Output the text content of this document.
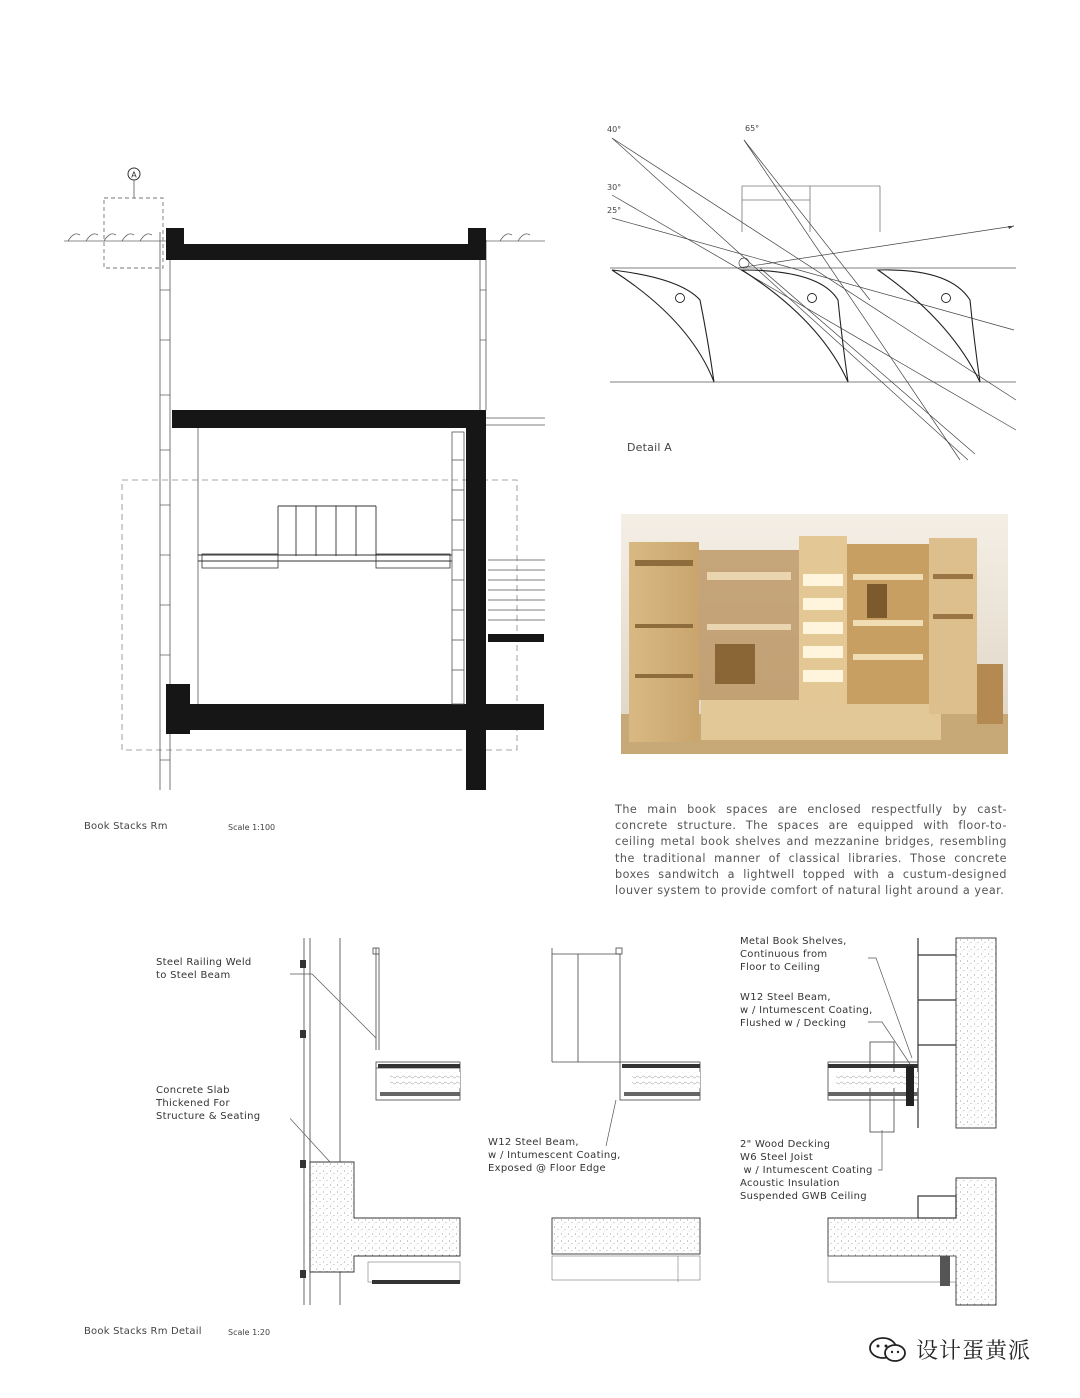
A
Book Stacks Rm	Scale 1:100
40°	65°
30°
25°
Detail A
The main book spaces are enclosed respectfully by cast-concrete structure. The spaces are equipped with floor-to-ceiling metal book shelves and mezzanine bridges, resembling the traditional manner of classical libraries. Those concrete boxes sandwitch a lightwell topped with a custum-designed louver system to provide comfort of natural light around a year.
Steel Railing Weld
to Steel Beam
Concrete Slab
Thickened For
Structure & Seating
W12 Steel Beam,
w / Intumescent Coating,
Exposed @ Floor Edge
Metal Book Shelves,
Continuous from
Floor to Ceiling
W12 Steel Beam,
w / Intumescent Coating,
Flushed w / Decking
2" Wood Decking
W6 Steel Joist
w / Intumescent Coating
Acoustic Insulation
Suspended GWB Ceiling
Book Stacks Rm Detail	Scale 1:20
设计蛋黄派
